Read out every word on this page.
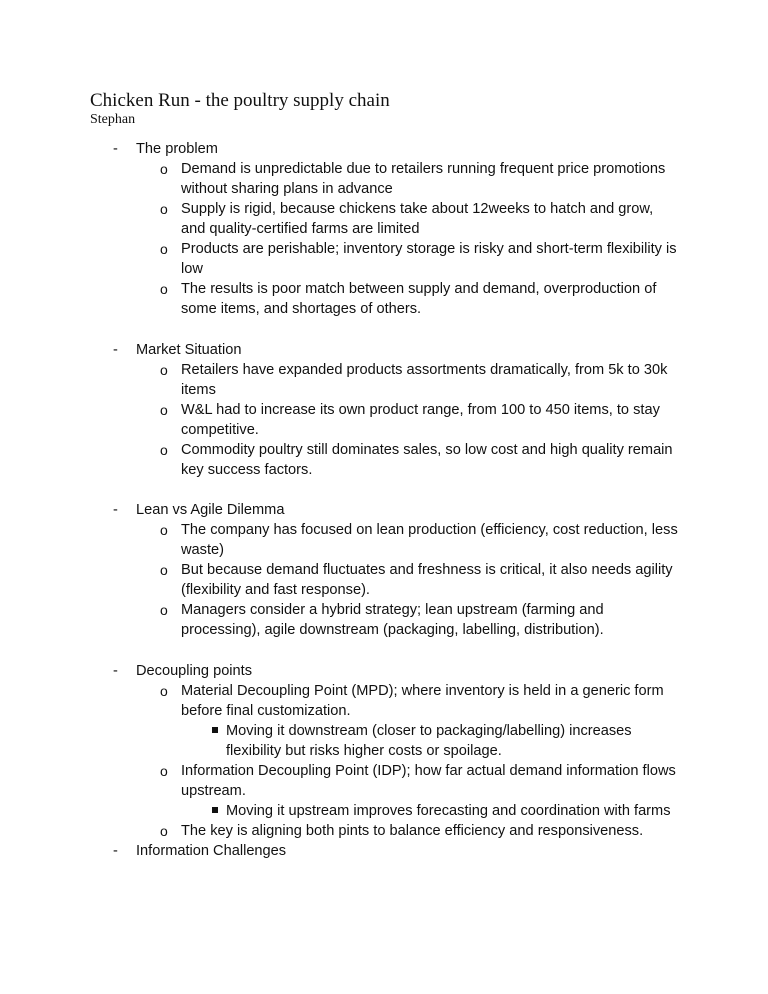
Chicken Run - the poultry supply chain
Stephan
-	The problem
o Demand is unpredictable due to retailers running frequent price promotions without sharing plans in advance
o Supply is rigid, because chickens take about 12weeks to hatch and grow, and quality-certified farms are limited
o Products are perishable; inventory storage is risky and short-term flexibility is low
o The results is poor match between supply and demand, overproduction of some items, and shortages of others.
-	Market Situation
o Retailers have expanded products assortments dramatically, from 5k to 30k items
o W&L had to increase its own product range, from 100 to 450 items, to stay competitive.
o Commodity poultry still dominates sales, so low cost and high quality remain key success factors.
-	Lean vs Agile Dilemma
o The company has focused on lean production (efficiency, cost reduction, less waste)
o But because demand fluctuates and freshness is critical, it also needs agility (flexibility and fast response).
o Managers consider a hybrid strategy; lean upstream (farming and processing), agile downstream (packaging, labelling, distribution).
-	Decoupling points
o Material Decoupling Point (MPD); where inventory is held in a generic form before final customization.
Moving it downstream (closer to packaging/labelling) increases flexibility but risks higher costs or spoilage.
o Information Decoupling Point (IDP); how far actual demand information flows upstream.
Moving it upstream improves forecasting and coordination with farms
o The key is aligning both pints to balance efficiency and responsiveness.
-	Information Challenges
